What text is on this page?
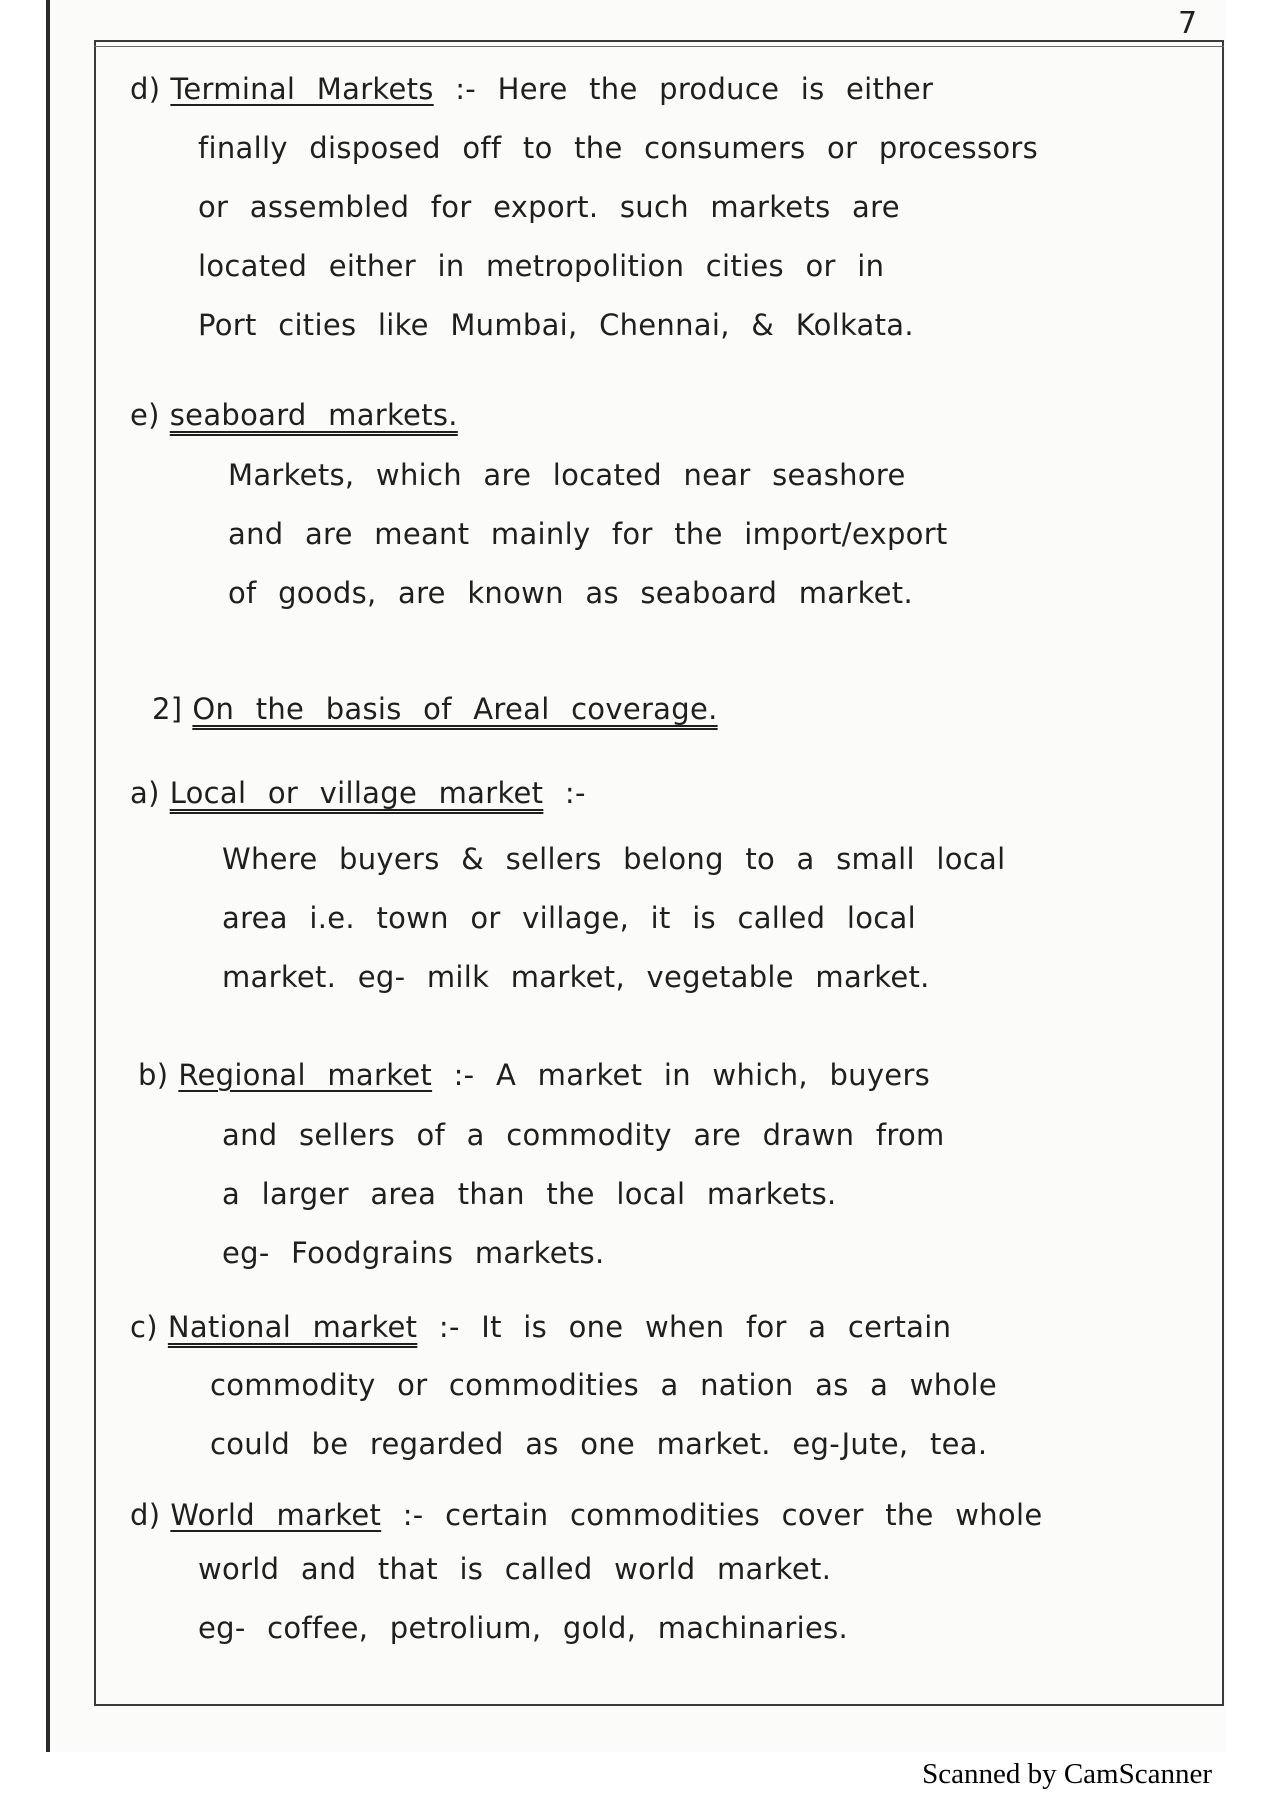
7
d) Terminal Markets :- Here the produce is either
finally disposed off to the consumers or processors
or assembled for export. such markets are
located either in metropolition cities or in
Port cities like Mumbai, Chennai, & Kolkata.
e) seaboard markets.
Markets, which are located near seashore
and are meant mainly for the import/export
of goods, are known as seaboard market.
2] On the basis of Areal coverage.
a) Local or village market :-
Where buyers & sellers belong to a small local
area i.e. town or village, it is called local
market. eg- milk market, vegetable market.
b) Regional market :- A market in which, buyers
and sellers of a commodity are drawn from
a larger area than the local markets.
eg- Foodgrains markets.
c) National market :- It is one when for a certain
commodity or commodities a nation as a whole
could be regarded as one market. eg-Jute, tea.
d) World market :- certain commodities cover the whole
world and that is called world market.
eg- coffee, petrolium, gold, machinaries.
Scanned by CamScanner
